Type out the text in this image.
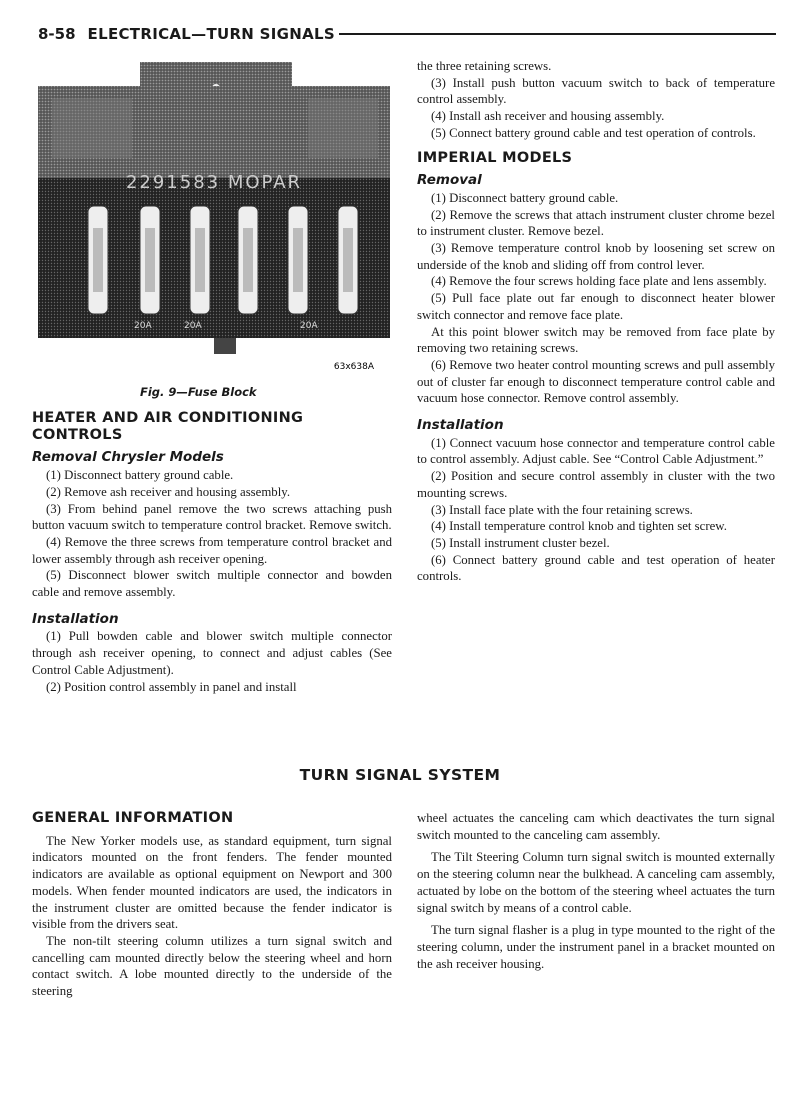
8-58 ELECTRICAL—TURN SIGNALS
2291583 MOPAR
20A	20A	20A
63x638A
Fig. 9—Fuse Block
HEATER AND AIR CONDITIONING CONTROLS
Removal Chrysler Models

(1) Disconnect battery ground cable.

(2) Remove ash receiver and housing assembly.

(3) From behind panel remove the two screws attaching push button vacuum switch to temperature control bracket. Remove switch.

(4) Remove the three screws from temperature control bracket and lower assembly through ash receiver opening.

(5) Disconnect blower switch multiple connector and bowden cable and remove assembly.

Installation

(1) Pull bowden cable and blower switch multiple connector through ash receiver opening, to connect and adjust cables (See Control Cable Adjustment).

(2) Position control assembly in panel and install

the three retaining screws.

(3) Install push button vacuum switch to back of temperature control assembly.

(4) Install ash receiver and housing assembly.

(5) Connect battery ground cable and test operation of controls.

IMPERIAL MODELS
Removal

(1) Disconnect battery ground cable.

(2) Remove the screws that attach instrument cluster chrome bezel to instrument cluster. Remove bezel.

(3) Remove temperature control knob by loosening set screw on underside of the knob and sliding off from control lever.

(4) Remove the four screws holding face plate and lens assembly.

(5) Pull face plate out far enough to disconnect heater blower switch connector and remove face plate.

At this point blower switch may be removed from face plate by removing two retaining screws.

(6) Remove two heater control mounting screws and pull assembly out of cluster far enough to disconnect temperature control cable and vacuum hose connector. Remove control assembly.

Installation

(1) Connect vacuum hose connector and temperature control cable to control assembly. Adjust cable. See “Control Cable Adjustment.”

(2) Position and secure control assembly in cluster with the two mounting screws.

(3) Install face plate with the four retaining screws.

(4) Install temperature control knob and tighten set screw.

(5) Install instrument cluster bezel.

(6) Connect battery ground cable and test operation of heater controls.

TURN SIGNAL SYSTEM
GENERAL INFORMATION

The New Yorker models use, as standard equipment, turn signal indicators mounted on the front fenders. The fender mounted indicators are available as optional equipment on Newport and 300 models. When fender mounted indicators are used, the indicators in the instrument cluster are omitted because the fender indicator is visible from the drivers seat.

The non-tilt steering column utilizes a turn signal switch and cancelling cam mounted directly below the steering wheel and horn contact switch. A lobe mounted directly to the underside of the steering

wheel actuates the canceling cam which deactivates the turn signal switch mounted to the canceling cam assembly.

The Tilt Steering Column turn signal switch is mounted externally on the steering column near the bulkhead. A canceling cam assembly, actuated by lobe on the bottom of the steering wheel actuates the turn signal switch by means of a control cable.

The turn signal flasher is a plug in type mounted to the right of the steering column, under the instrument panel in a bracket mounted on the ash receiver housing.
